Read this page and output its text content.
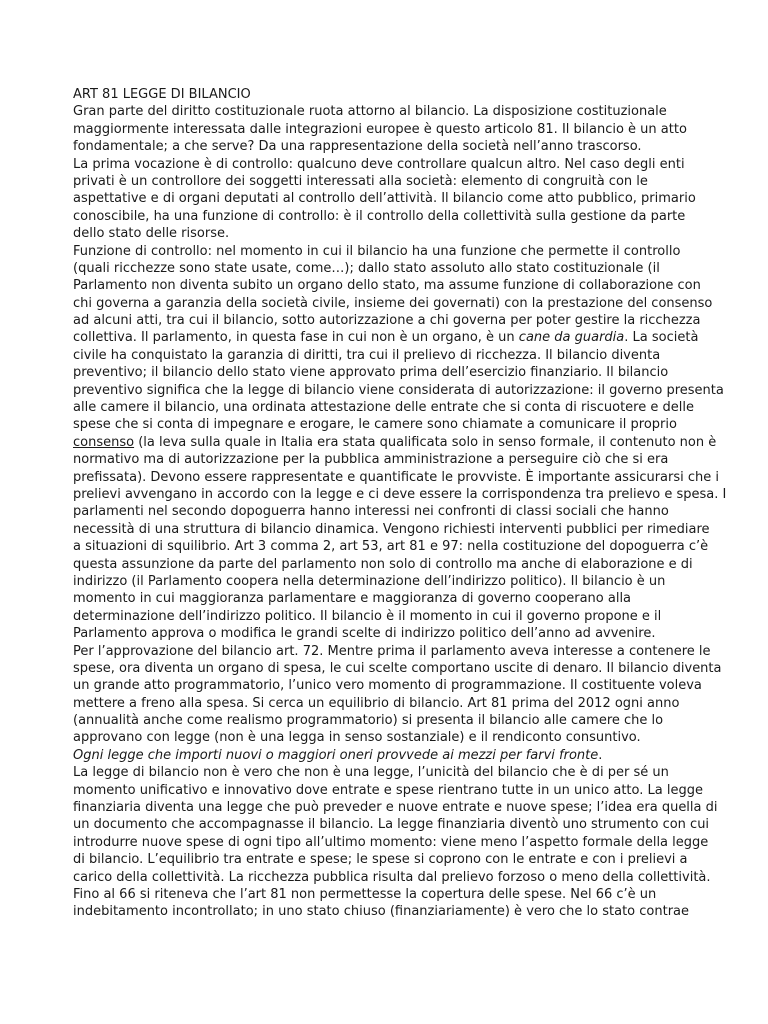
ART 81 LEGGE DI BILANCIO
Gran parte del diritto costituzionale ruota attorno al bilancio. La disposizione costituzionale
maggiormente interessata dalle integrazioni europee è questo articolo 81. Il bilancio è un atto
fondamentale; a che serve? Da una rappresentazione della società nell’anno trascorso.
La prima vocazione è di controllo: qualcuno deve controllare qualcun altro. Nel caso degli enti
privati è un controllore dei soggetti interessati alla società: elemento di congruità con le
aspettative e di organi deputati al controllo dell’attività. Il bilancio come atto pubblico, primario
conoscibile, ha una funzione di controllo: è il controllo della collettività sulla gestione da parte
dello stato delle risorse.
Funzione di controllo: nel momento in cui il bilancio ha una funzione che permette il controllo
(quali ricchezze sono state usate, come…); dallo stato assoluto allo stato costituzionale (il
Parlamento non diventa subito un organo dello stato, ma assume funzione di collaborazione con
chi governa a garanzia della società civile, insieme dei governati) con la prestazione del consenso
ad alcuni atti, tra cui il bilancio, sotto autorizzazione a chi governa per poter gestire la ricchezza
collettiva. Il parlamento, in questa fase in cui non è un organo, è un cane da guardia. La società
civile ha conquistato la garanzia di diritti, tra cui il prelievo di ricchezza. Il bilancio diventa
preventivo; il bilancio dello stato viene approvato prima dell’esercizio finanziario. Il bilancio
preventivo significa che la legge di bilancio viene considerata di autorizzazione: il governo presenta
alle camere il bilancio, una ordinata attestazione delle entrate che si conta di riscuotere e delle
spese che si conta di impegnare e erogare, le camere sono chiamate a comunicare il proprio
consenso (la leva sulla quale in Italia era stata qualificata solo in senso formale, il contenuto non è
normativo ma di autorizzazione per la pubblica amministrazione a perseguire ciò che si era
prefissata). Devono essere rappresentate e quantificate le provviste. È importante assicurarsi che i
prelievi avvengano in accordo con la legge e ci deve essere la corrispondenza tra prelievo e spesa. I
parlamenti nel secondo dopoguerra hanno interessi nei confronti di classi sociali che hanno
necessità di una struttura di bilancio dinamica. Vengono richiesti interventi pubblici per rimediare
a situazioni di squilibrio. Art 3 comma 2, art 53, art 81 e 97: nella costituzione del dopoguerra c’è
questa assunzione da parte del parlamento non solo di controllo ma anche di elaborazione e di
indirizzo (il Parlamento coopera nella determinazione dell’indirizzo politico). Il bilancio è un
momento in cui maggioranza parlamentare e maggioranza di governo cooperano alla
determinazione dell’indirizzo politico. Il bilancio è il momento in cui il governo propone e il
Parlamento approva o modifica le grandi scelte di indirizzo politico dell’anno ad avvenire.
Per l’approvazione del bilancio art. 72. Mentre prima il parlamento aveva interesse a contenere le
spese, ora diventa un organo di spesa, le cui scelte comportano uscite di denaro. Il bilancio diventa
un grande atto programmatorio, l’unico vero momento di programmazione. Il costituente voleva
mettere a freno alla spesa. Si cerca un equilibrio di bilancio. Art 81 prima del 2012 ogni anno
(annualità anche come realismo programmatorio) si presenta il bilancio alle camere che lo
approvano con legge (non è una legga in senso sostanziale) e il rendiconto consuntivo.
Ogni legge che importi nuovi o maggiori oneri provvede ai mezzi per farvi fronte.
La legge di bilancio non è vero che non è una legge, l’unicità del bilancio che è di per sé un
momento unificativo e innovativo dove entrate e spese rientrano tutte in un unico atto. La legge
finanziaria diventa una legge che può preveder e nuove entrate e nuove spese; l’idea era quella di
un documento che accompagnasse il bilancio. La legge finanziaria diventò uno strumento con cui
introdurre nuove spese di ogni tipo all’ultimo momento: viene meno l’aspetto formale della legge
di bilancio. L’equilibrio tra entrate e spese; le spese si coprono con le entrate e con i prelievi a
carico della collettività. La ricchezza pubblica risulta dal prelievo forzoso o meno della collettività.
Fino al 66 si riteneva che l’art 81 non permettesse la copertura delle spese. Nel 66 c’è un
indebitamento incontrollato; in uno stato chiuso (finanziariamente) è vero che lo stato contrae
